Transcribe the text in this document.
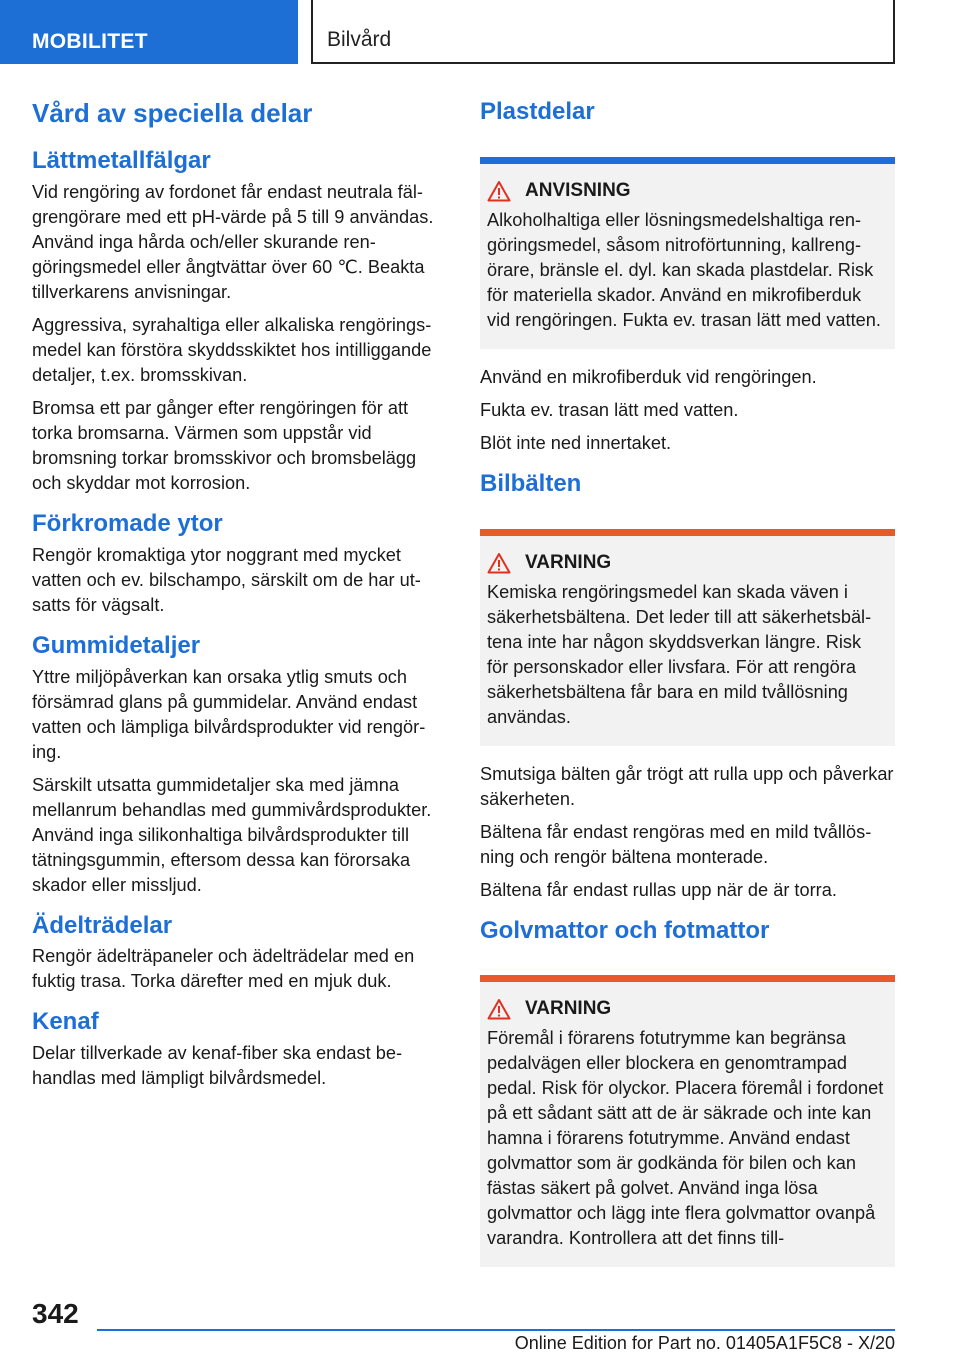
MOBILITET	Bilvård
Vård av speciella delar
Lättmetallfälgar

Vid rengöring av fordonet får endast neutrala fälgrengörare med ett pH-värde på 5 till 9 användas. Använd inga hårda och/eller skurande rengöringsmedel eller ångtvättar över 60 ℃. Beakta tillverkarens anvisningar.

Aggressiva, syrahaltiga eller alkaliska rengöringsmedel kan förstöra skyddsskiktet hos intilliggande detaljer, t.ex. bromsskivan.

Bromsa ett par gånger efter rengöringen för att torka bromsarna. Värmen som uppstår vid bromsning torkar bromsskivor och bromsbelägg och skyddar mot korrosion.

Förkromade ytor

Rengör kromaktiga ytor noggrant med mycket vatten och ev. bilschampo, särskilt om de har utsatts för vägsalt.

Gummidetaljer

Yttre miljöpåverkan kan orsaka ytlig smuts och försämrad glans på gummidelar. Använd endast vatten och lämpliga bilvårdsprodukter vid rengöring.

Särskilt utsatta gummidetaljer ska med jämna mellanrum behandlas med gummivårdsprodukter. Använd inga silikonhaltiga bilvårdsprodukter till tätningsgummin, eftersom dessa kan förorsaka skador eller missljud.

Ädelträdelar

Rengör ädelträpaneler och ädelträdelar med en fuktig trasa. Torka därefter med en mjuk duk.

Kenaf

Delar tillverkade av kenaf-fiber ska endast behandlas med lämpligt bilvårdsmedel.

Plastdelar
ANVISNING

Alkoholhaltiga eller lösningsmedelshaltiga rengöringsmedel, såsom nitroförtunning, kallrengörare, bränsle el. dyl. kan skada plastdelar. Risk för materiella skador. Använd en mikrofiberduk vid rengöringen. Fukta ev. trasan lätt med vatten.

Använd en mikrofiberduk vid rengöringen.

Fukta ev. trasan lätt med vatten.

Blöt inte ned innertaket.

Bilbälten
VARNING

Kemiska rengöringsmedel kan skada väven i säkerhetsbältena. Det leder till att säkerhetsbältena inte har någon skyddsverkan längre. Risk för personskador eller livsfara. För att rengöra säkerhetsbältena får bara en mild tvållösning användas.

Smutsiga bälten går trögt att rulla upp och påverkar säkerheten.

Bältena får endast rengöras med en mild tvållösning och rengör bältena monterade.

Bältena får endast rullas upp när de är torra.

Golvmattor och fotmattor
VARNING

Föremål i förarens fotutrymme kan begränsa pedalvägen eller blockera en genomtrampad pedal. Risk för olyckor. Placera föremål i fordonet på ett sådant sätt att de är säkrade och inte kan hamna i förarens fotutrymme. Använd endast golvmattor som är godkända för bilen och kan fästas säkert på golvet. Använd inga lösa golvmattor och lägg inte flera golvmattor ovanpå varandra. Kontrollera att det finns till-

342
Online Edition for Part no. 01405A1F5C8 - X/20
